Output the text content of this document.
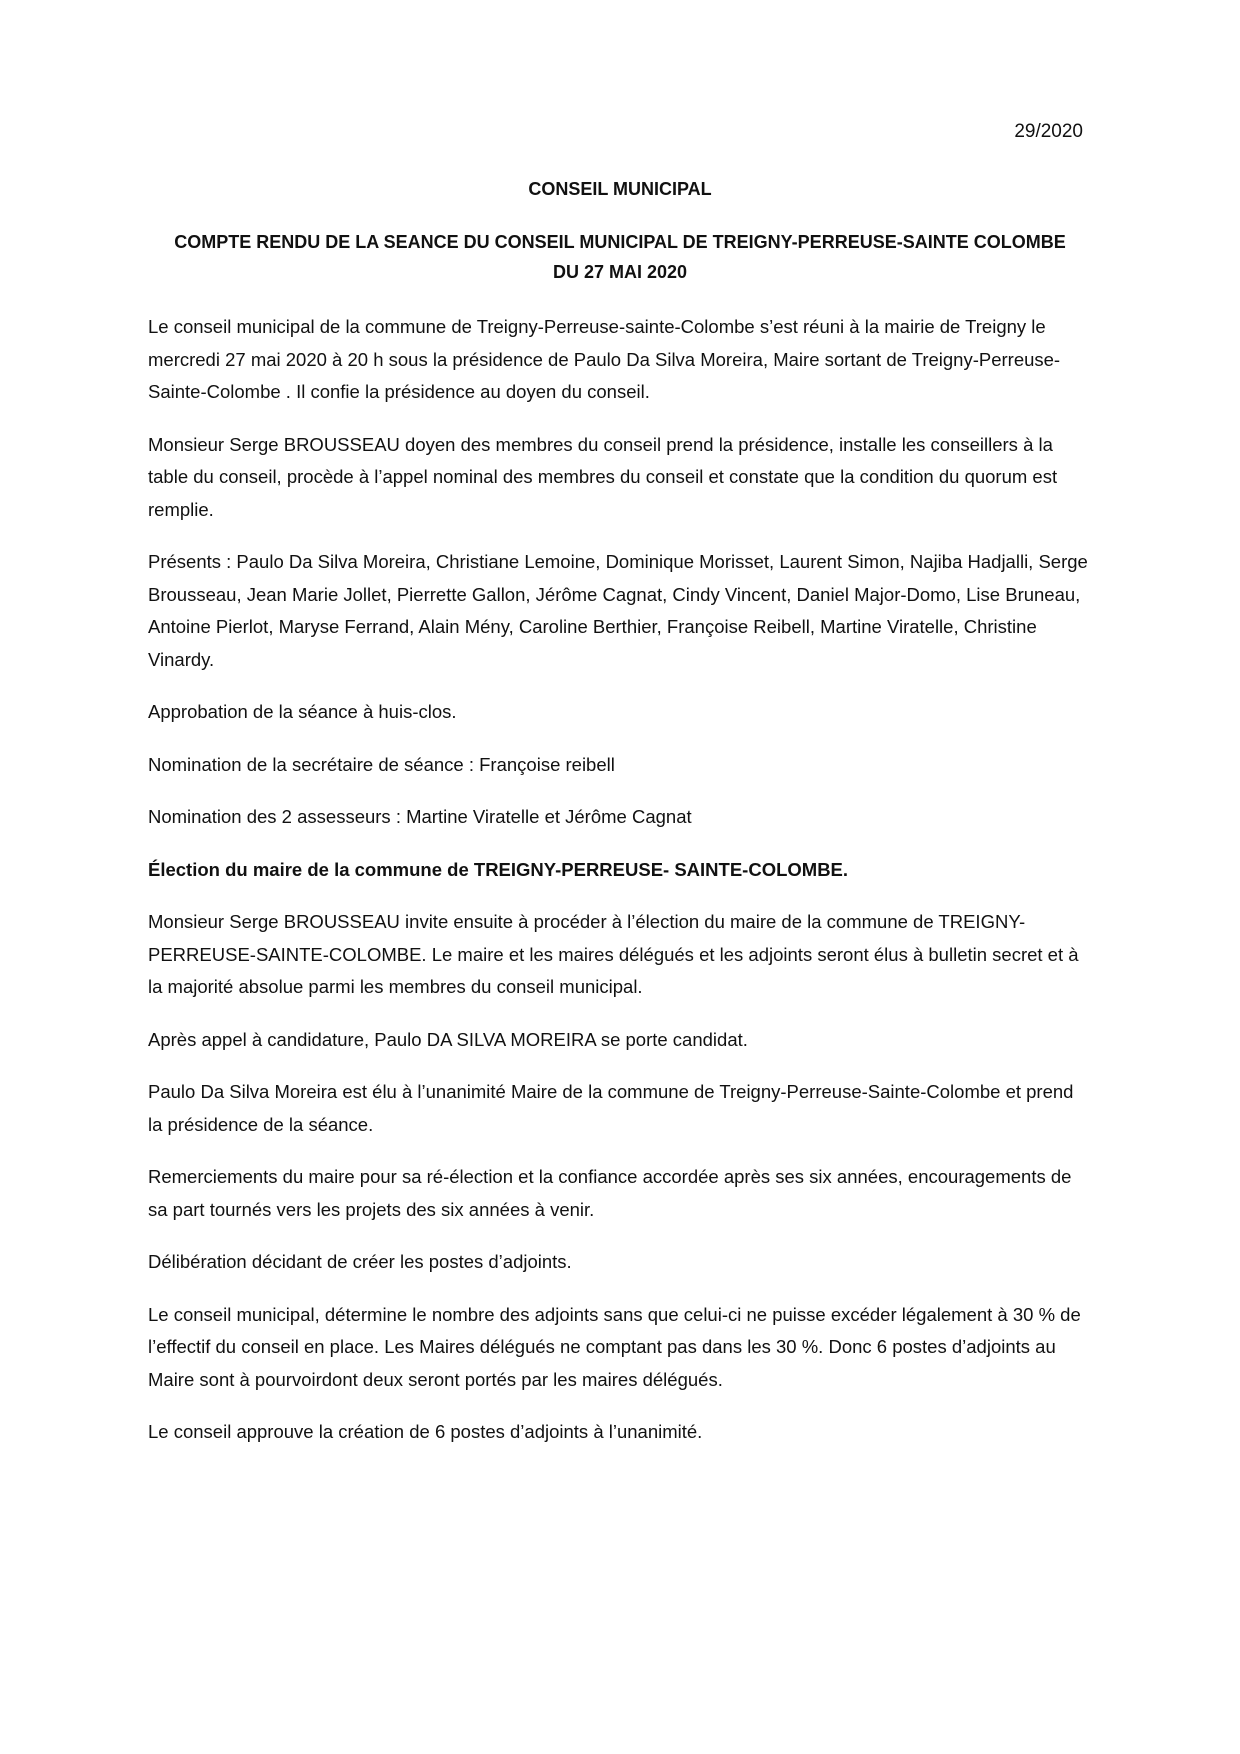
29/2020
CONSEIL MUNICIPAL
COMPTE RENDU DE LA SEANCE DU CONSEIL MUNICIPAL DE TREIGNY-PERREUSE-SAINTE COLOMBE
DU 27 MAI 2020

Le conseil municipal de la commune de Treigny-Perreuse-sainte-Colombe s’est réuni à la mairie de Treigny le mercredi 27 mai 2020 à 20 h sous la présidence de Paulo Da Silva Moreira, Maire sortant de Treigny-Perreuse-Sainte-Colombe . Il confie la présidence au doyen du conseil.

Monsieur Serge BROUSSEAU doyen des membres du conseil prend la présidence, installe les conseillers à la table du conseil, procède à l’appel nominal des membres du conseil et constate que la condition du quorum est remplie.

Présents : Paulo Da Silva Moreira, Christiane Lemoine, Dominique Morisset, Laurent Simon, Najiba Hadjalli, Serge Brousseau, Jean Marie Jollet, Pierrette Gallon, Jérôme Cagnat, Cindy Vincent, Daniel Major-Domo, Lise Bruneau, Antoine Pierlot, Maryse Ferrand, Alain Mény, Caroline Berthier, Françoise Reibell, Martine Viratelle, Christine Vinardy.

Approbation de la séance à huis-clos.

Nomination de la secrétaire de séance : Françoise reibell

Nomination des 2 assesseurs : Martine Viratelle et Jérôme Cagnat

Élection du maire de la commune de TREIGNY-PERREUSE- SAINTE-COLOMBE.

Monsieur Serge BROUSSEAU invite ensuite à procéder à l’élection du maire de la commune de TREIGNY-PERREUSE-SAINTE-COLOMBE. Le maire et les maires délégués et les adjoints seront élus à bulletin secret et à la majorité absolue parmi les membres du conseil municipal.

Après appel à candidature, Paulo DA SILVA MOREIRA se porte candidat.

Paulo Da Silva Moreira est élu à l’unanimité Maire de la commune de Treigny-Perreuse-Sainte-Colombe et prend la présidence de la séance.

Remerciements du maire pour sa ré-élection et la confiance accordée après ses six années, encouragements de sa part tournés vers les projets des six années à venir.

Délibération décidant de créer les postes d’adjoints.

Le conseil municipal, détermine le nombre des adjoints sans que celui-ci ne puisse excéder légalement à 30 % de l’effectif du conseil en place. Les Maires délégués ne comptant pas dans les 30 %. Donc 6 postes d’adjoints au Maire sont à pourvoirdont deux seront portés par les maires délégués.

Le conseil approuve la création de 6 postes d’adjoints à l’unanimité.
